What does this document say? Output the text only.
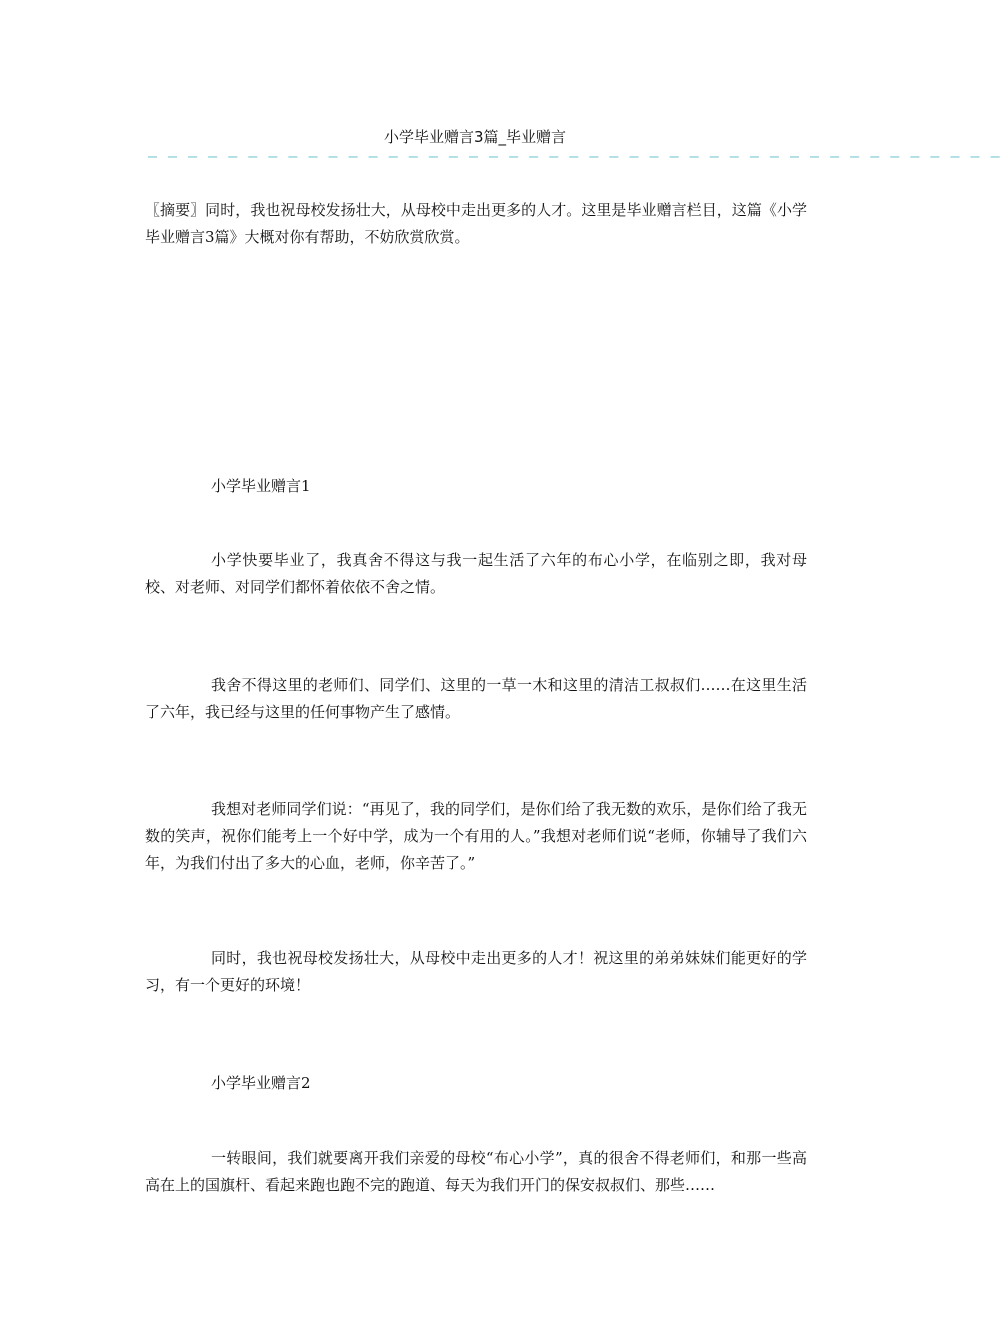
小学毕业赠言3篇_毕业赠言
— — — — — — — — — — — — — — — — — — — — — — — — — — — — — — — — — — — — — — — — — — —

〖摘要〗同时，我也祝母校发扬壮大，从母校中走出更多的人才。这里是毕业赠言栏目，这篇《小学毕业赠言3篇》大概对你有帮助，不妨欣赏欣赏。

小学毕业赠言1

小学快要毕业了，我真舍不得这与我一起生活了六年的布心小学，在临别之即，我对母校、对老师、对同学们都怀着依依不舍之情。

我舍不得这里的老师们、同学们、这里的一草一木和这里的清洁工叔叔们……在这里生活了六年，我已经与这里的任何事物产生了感情。

我想对老师同学们说：“再见了，我的同学们，是你们给了我无数的欢乐，是你们给了我无数的笑声，祝你们能考上一个好中学，成为一个有用的人。”我想对老师们说“老师，你辅导了我们六年，为我们付出了多大的心血，老师，你辛苦了。”

同时，我也祝母校发扬壮大，从母校中走出更多的人才！祝这里的弟弟妹妹们能更好的学习，有一个更好的环境！

小学毕业赠言2

一转眼间，我们就要离开我们亲爱的母校“布心小学”，真的很舍不得老师们，和那一些高高在上的国旗杆、看起来跑也跑不完的跑道、每天为我们开门的保安叔叔们、那些……
